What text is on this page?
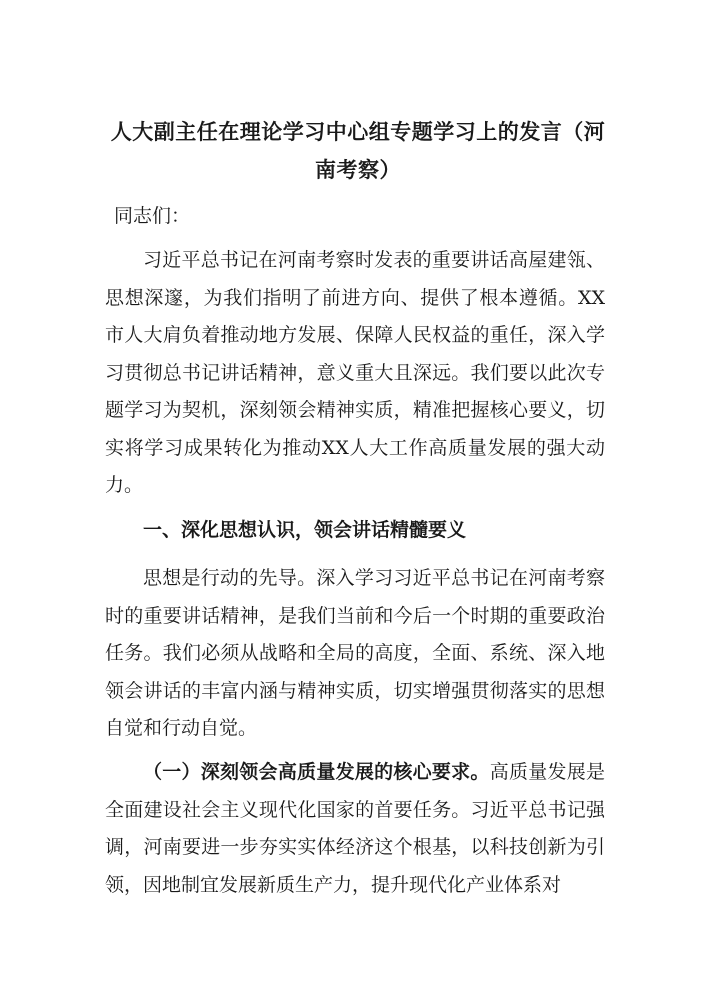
人大副主任在理论学习中心组专题学习上的发言（河南考察）
同志们：
习近平总书记在河南考察时发表的重要讲话高屋建瓴、思想深邃，为我们指明了前进方向、提供了根本遵循。XX市人大肩负着推动地方发展、保障人民权益的重任，深入学习贯彻总书记讲话精神，意义重大且深远。我们要以此次专题学习为契机，深刻领会精神实质，精准把握核心要义，切实将学习成果转化为推动XX人大工作高质量发展的强大动力。
一、深化思想认识，领会讲话精髓要义
思想是行动的先导。深入学习习近平总书记在河南考察时的重要讲话精神，是我们当前和今后一个时期的重要政治任务。我们必须从战略和全局的高度，全面、系统、深入地领会讲话的丰富内涵与精神实质，切实增强贯彻落实的思想自觉和行动自觉。
（一）深刻领会高质量发展的核心要求。高质量发展是全面建设社会主义现代化国家的首要任务。习近平总书记强调，河南要进一步夯实实体经济这个根基，以科技创新为引领，因地制宜发展新质生产力，提升现代化产业体系对
